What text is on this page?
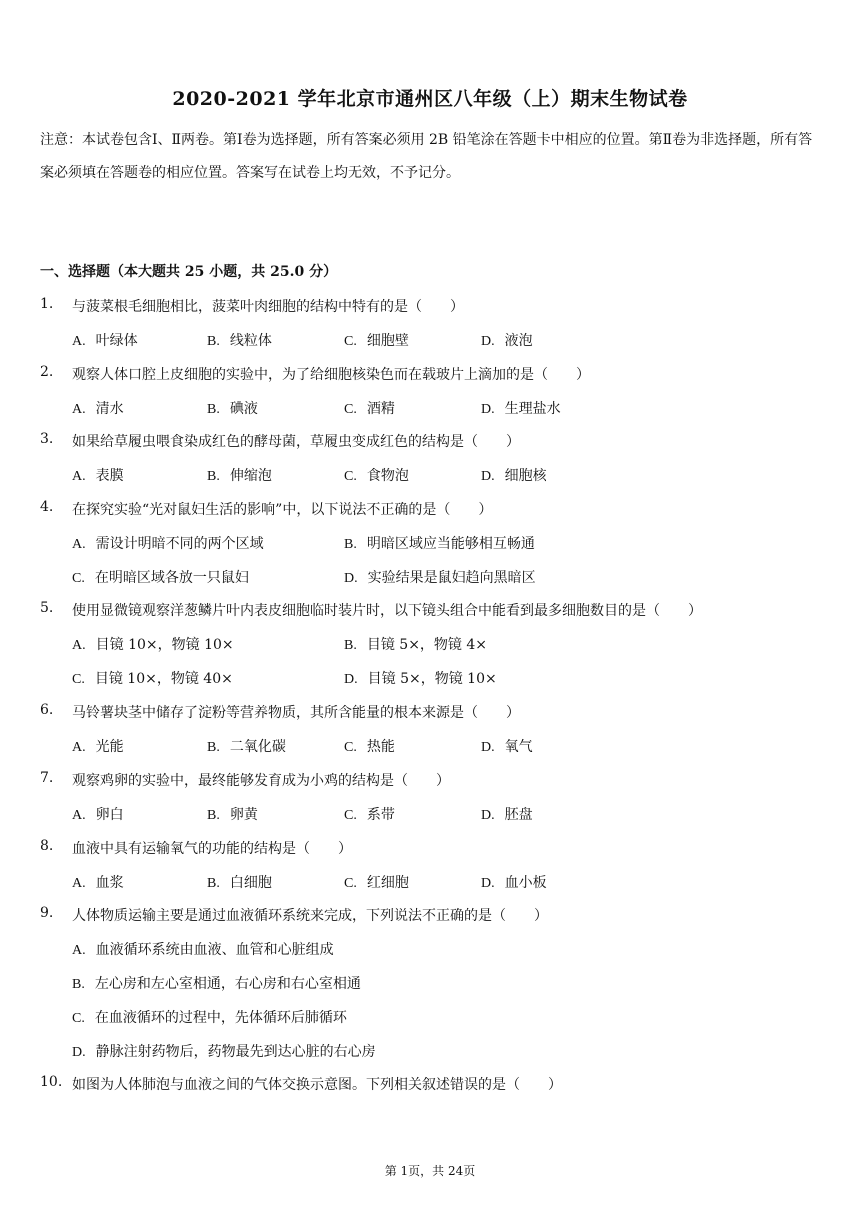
2020-2021 学年北京市通州区八年级（上）期末生物试卷
注意：本试卷包含Ⅰ、Ⅱ两卷。第Ⅰ卷为选择题，所有答案必须用 2B 铅笔涂在答题卡中相应的位置。第Ⅱ卷为非选择题，所有答案必须填在答题卷的相应位置。答案写在试卷上均无效，不予记分。
一、选择题（本大题共 25 小题，共 25.0 分）
1. 与菠菜根毛细胞相比，菠菜叶肉细胞的结构中特有的是（　　）
A. 叶绿体	B. 线粒体	C. 细胞壁	D. 液泡
2. 观察人体口腔上皮细胞的实验中，为了给细胞核染色而在载玻片上滴加的是（　　）
A. 清水	B. 碘液	C. 酒精	D. 生理盐水
3. 如果给草履虫喂食染成红色的酵母菌，草履虫变成红色的结构是（　　）
A. 表膜	B. 伸缩泡	C. 食物泡	D. 细胞核
4. 在探究实验“光对鼠妇生活的影响”中，以下说法不正确的是（　　）
A. 需设计明暗不同的两个区域	B. 明暗区域应当能够相互畅通
C. 在明暗区域各放一只鼠妇	D. 实验结果是鼠妇趋向黑暗区
5. 使用显微镜观察洋葱鳞片叶内表皮细胞临时装片时，以下镜头组合中能看到最多细胞数目的是（　　）
A. 目镜 10×，物镜 10×	B. 目镜 5×，物镜 4×
C. 目镜 10×，物镜 40×	D. 目镜 5×，物镜 10×
6. 马铃薯块茎中储存了淀粉等营养物质，其所含能量的根本来源是（　　）
A. 光能	B. 二氧化碳	C. 热能	D. 氧气
7. 观察鸡卵的实验中，最终能够发育成为小鸡的结构是（　　）
A. 卵白	B. 卵黄	C. 系带	D. 胚盘
8. 血液中具有运输氧气的功能的结构是（　　）
A. 血浆	B. 白细胞	C. 红细胞	D. 血小板
9. 人体物质运输主要是通过血液循环系统来完成，下列说法不正确的是（　　）
A. 血液循环系统由血液、血管和心脏组成
B. 左心房和左心室相通，右心房和右心室相通
C. 在血液循环的过程中，先体循环后肺循环
D. 静脉注射药物后，药物最先到达心脏的右心房
10. 如图为人体肺泡与血液之间的气体交换示意图。下列相关叙述错误的是（　　）
第 1页，共 24页
